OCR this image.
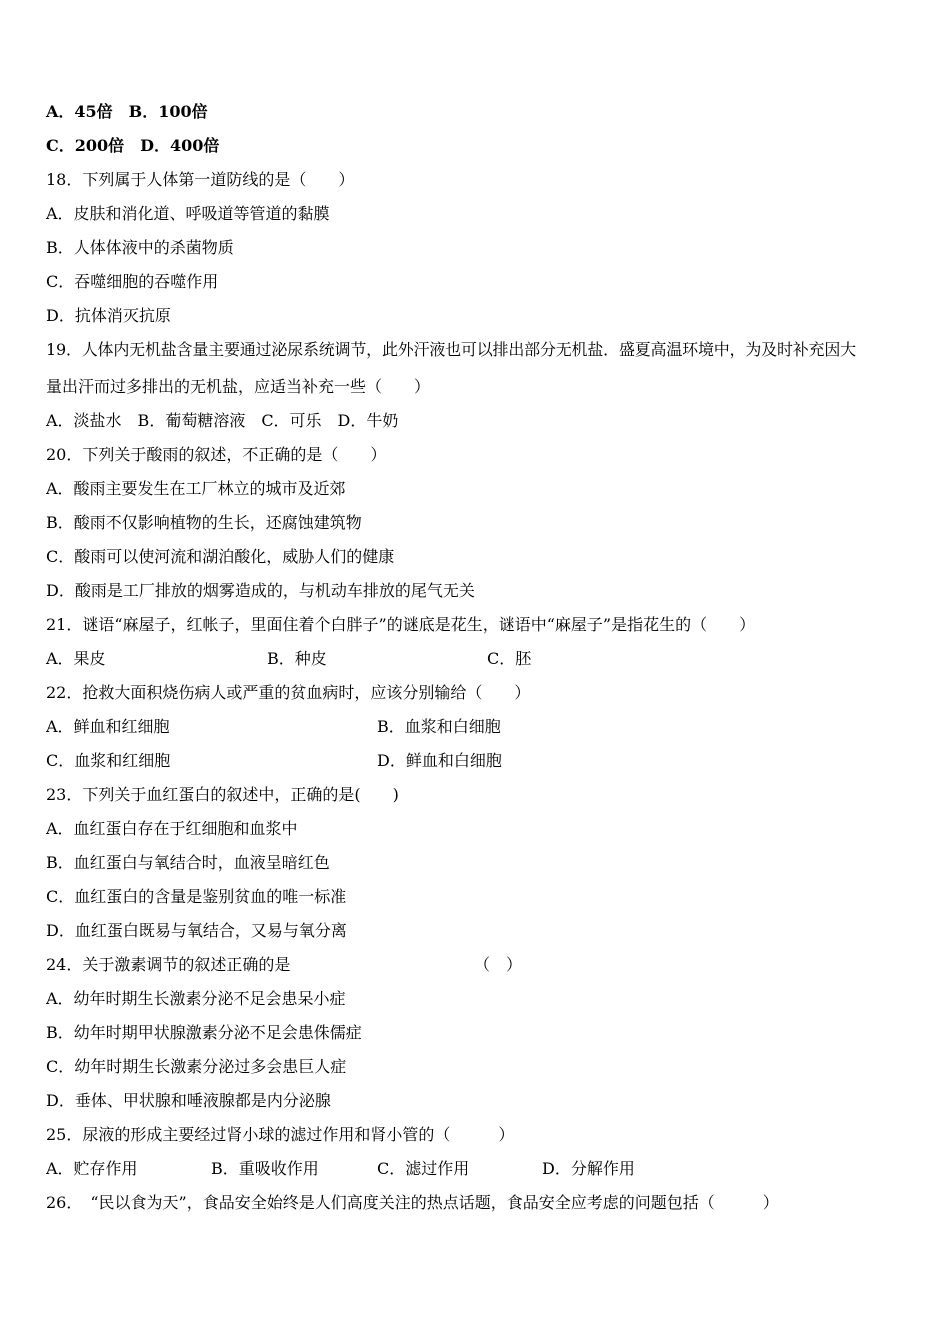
A．45倍　B．100倍
C．200倍　D．400倍
18．下列属于人体第一道防线的是（　　）
A．皮肤和消化道、呼吸道等管道的黏膜
B．人体体液中的杀菌物质
C．吞噬细胞的吞噬作用
D．抗体消灭抗原
19．人体内无机盐含量主要通过泌尿系统调节，此外汗液也可以排出部分无机盐．盛夏高温环境中，为及时补充因大
量出汗而过多排出的无机盐，应适当补充一些（　　）
A．淡盐水　B．葡萄糖溶液　C．可乐　D．牛奶
20．下列关于酸雨的叙述，不正确的是（　　）
A．酸雨主要发生在工厂林立的城市及近郊
B．酸雨不仅影响植物的生长，还腐蚀建筑物
C．酸雨可以使河流和湖泊酸化，威胁人们的健康
D．酸雨是工厂排放的烟雾造成的，与机动车排放的尾气无关
21．谜语“麻屋子，红帐子，里面住着个白胖子”的谜底是花生，谜语中“麻屋子”是指花生的（　　）
A．果皮	B．种皮	C．胚
22．抢救大面积烧伤病人或严重的贫血病时，应该分别输给（　　）
A．鲜血和红细胞	B．血浆和白细胞
C．血浆和红细胞	D．鲜血和白细胞
23．下列关于血红蛋白的叙述中，正确的是(　　)
A．血红蛋白存在于红细胞和血浆中
B．血红蛋白与氧结合时，血液呈暗红色
C．血红蛋白的含量是鉴别贫血的唯一标准
D．血红蛋白既易与氧结合，又易与氧分离
24．关于激素调节的叙述正确的是	（　）
A．幼年时期生长激素分泌不足会患呆小症
B．幼年时期甲状腺激素分泌不足会患侏儒症
C．幼年时期生长激素分泌过多会患巨人症
D．垂体、甲状腺和唾液腺都是内分泌腺
25．尿液的形成主要经过肾小球的滤过作用和肾小管的（　　　）
A．贮存作用	B．重吸收作用	C．滤过作用	D．分解作用
26．　“民以食为天”，食品安全始终是人们高度关注的热点话题，食品安全应考虑的问题包括（　　　）
